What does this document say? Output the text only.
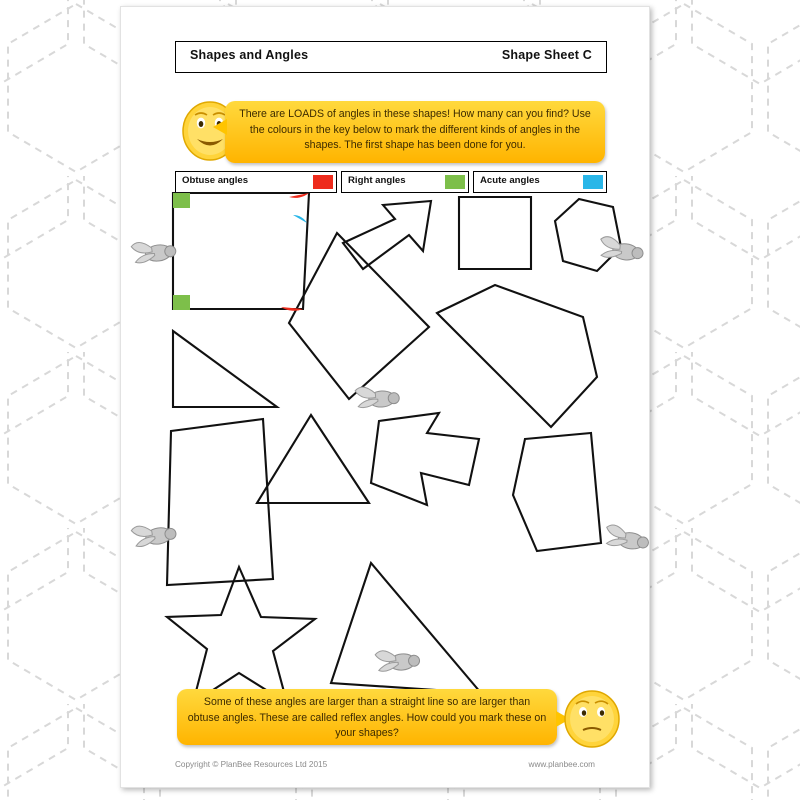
Shapes and Angles	Shape Sheet C
There are LOADS of angles in these shapes! How many can you find? Use the colours in the key below to mark the different kinds of angles in the shapes. The first shape has been done for you.
Obtuse angles	Right angles	Acute angles
Some of these angles are larger than a straight line so are larger than obtuse angles. These are called reflex angles. How could you mark these on your shapes?
Copyright © PlanBee Resources Ltd 2015	www.planbee.com
